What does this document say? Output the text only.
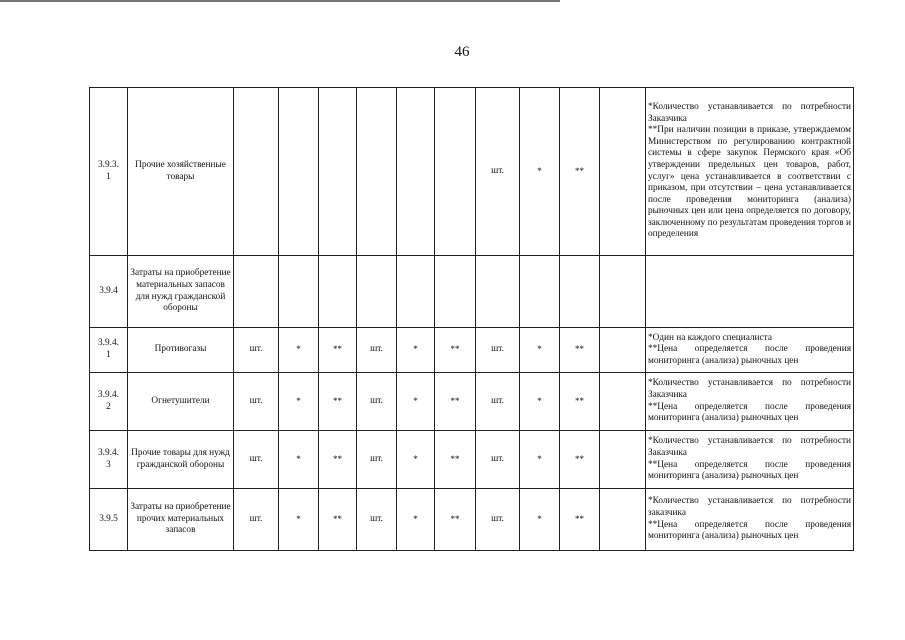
46
3.9.3.
1	Прочие хозяйственные товары							шт.	*	**		*Количество устанавливается по потребности Заказчика
**При наличии позиции в приказе, утверждаемом Министерством по регулированию контрактной системы в сфере закупок Пермского края «Об утверждении предельных цен товаров, работ, услуг» цена устанавливается в соответствии с приказом, при отсутствии – цена устанавливается после проведения мониторинга (анализа) рыночных цен или цена определяется по договору, заключенному по результатам проведения торгов и определения
3.9.4	Затраты на приобретение материальных запасов для нужд гражданской обороны											
3.9.4.
1	Противогазы	шт.	*	**	шт.	*	**	шт.	*	**		*Один на каждого специалиста
**Цена определяется после проведения мониторинга (анализа) рыночных цен
3.9.4.
2	Огнетушители	шт.	*	**	шт.	*	**	шт.	*	**		*Количество устанавливается по потребности Заказчика
**Цена определяется после проведения мониторинга (анализа) рыночных цен
3.9.4.
3	Прочие товары для нужд гражданской обороны	шт.	*	**	шт.	*	**	шт.	*	**		*Количество устанавливается по потребности Заказчика
**Цена определяется после проведения мониторинга (анализа) рыночных цен
3.9.5	Затраты на приобретение прочих материальных запасов	шт.	*	**	шт.	*	**	шт.	*	**		*Количество устанавливается по потребности заказчика
**Цена определяется после проведения мониторинга (анализа) рыночных цен
